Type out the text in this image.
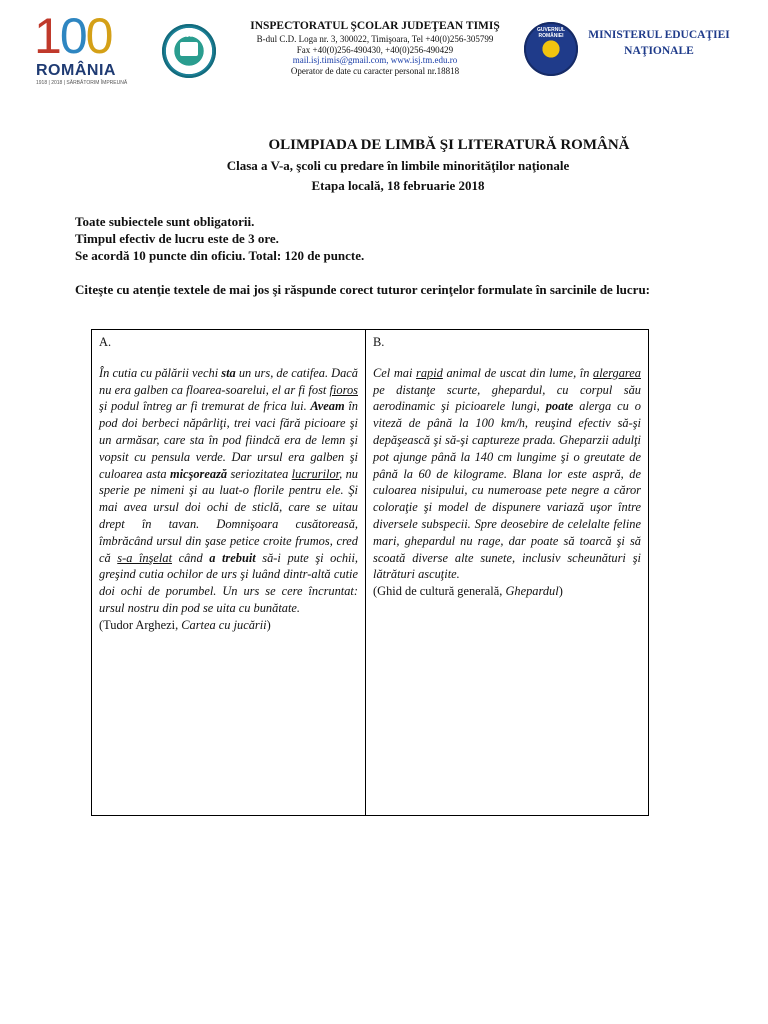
100
ROMÂNIA
1918 | 2018 | SĂRBĂTORIM ÎMPREUNĂ
ISJTM
INSPECTORATUL ŞCOLAR JUDEŢEAN TIMIŞ
B-dul C.D. Loga nr. 3, 300022, Timişoara, Tel +40(0)256-305799
Fax +40(0)256-490430, +40(0)256-490429
mail.isj.timis@gmail.com, www.isj.tm.edu.ro
Operator de date cu caracter personal nr.18818
GUVERNUL ROMÂNIEI	MINISTERUL EDUCAŢIEI
NAŢIONALE
OLIMPIADA DE LIMBĂ ŞI LITERATURĂ ROMÂNĂ
Clasa a V-a, şcoli cu predare în limbile minorităţilor naţionale
Etapa locală, 18 februarie 2018
Toate subiectele sunt obligatorii.
Timpul efectiv de lucru este de 3 ore.
Se acordă 10 puncte din oficiu. Total: 120 de puncte.
Citeşte cu atenţie textele de mai jos şi răspunde corect tuturor cerinţelor formulate în sarcinile de lucru:
A.
În cutia cu pălării vechi sta un urs, de catifea. Dacă nu era galben ca floarea-soarelui, el ar fi fost fioros şi podul întreg ar fi tremurat de frica lui. Aveam în pod doi berbeci năpârliţi, trei vaci fără picioare şi un armăsar, care sta în pod fiindcă era de lemn şi vopsit cu pensula verde. Dar ursul era galben şi culoarea asta micşorează seriozitatea lucrurilor, nu sperie pe nimeni şi au luat-o florile pentru ele. Şi mai avea ursul doi ochi de sticlă, care se uitau drept în tavan. Domnişoara cusătoreasă, îmbrăcând ursul din şase petice croite frumos, cred că s-a înşelat când a trebuit să-i pute şi ochii, greşind cutia ochilor de urs şi luând dintr-altă cutie doi ochi de porumbel. Un urs se cere încruntat: ursul nostru din pod se uita cu bunătate.
(Tudor Arghezi, Cartea cu jucării)
B.
Cel mai rapid animal de uscat din lume, în alergarea pe distanţe scurte, ghepardul, cu corpul său aerodinamic şi picioarele lungi, poate alerga cu o viteză de până la 100 km/h, reuşind efectiv să-şi depăşească şi să-şi captureze prada. Gheparzii adulţi pot ajunge până la 140 cm lungime şi o greutate de până la 60 de kilograme. Blana lor este aspră, de culoarea nisipului, cu numeroase pete negre a căror coloraţie şi model de dispunere variază uşor între diversele subspecii. Spre deosebire de celelalte feline mari, ghepardul nu rage, dar poate să toarcă şi să scoată diverse alte sunete, inclusiv scheunături şi lătrături ascuţite.
(Ghid de cultură generală, Ghepardul)
